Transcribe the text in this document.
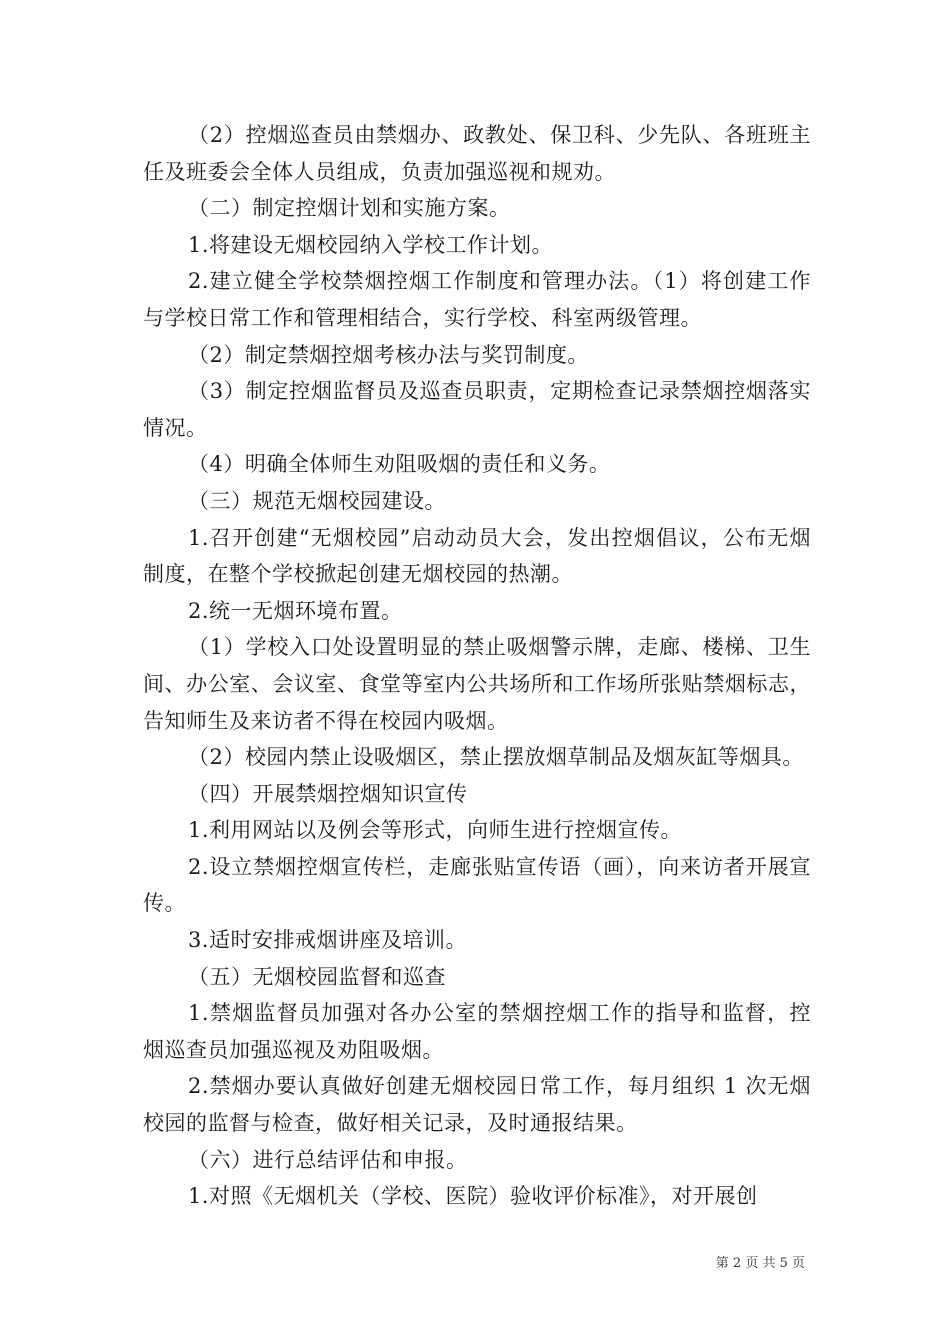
（2）控烟巡查员由禁烟办、政教处、保卫科、少先队、各班班主任及班委会全体人员组成，负责加强巡视和规劝。

（二）制定控烟计划和实施方案。

1.将建设无烟校园纳入学校工作计划。

2.建立健全学校禁烟控烟工作制度和管理办法。（1）将创建工作与学校日常工作和管理相结合，实行学校、科室两级管理。

（2）制定禁烟控烟考核办法与奖罚制度。

（3）制定控烟监督员及巡查员职责，定期检查记录禁烟控烟落实情况。

（4）明确全体师生劝阻吸烟的责任和义务。

（三）规范无烟校园建设。

1.召开创建“无烟校园”启动动员大会，发出控烟倡议，公布无烟制度，在整个学校掀起创建无烟校园的热潮。

2.统一无烟环境布置。

（1）学校入口处设置明显的禁止吸烟警示牌，走廊、楼梯、卫生间、办公室、会议室、食堂等室内公共场所和工作场所张贴禁烟标志，告知师生及来访者不得在校园内吸烟。

（2）校园内禁止设吸烟区，禁止摆放烟草制品及烟灰缸等烟具。

（四）开展禁烟控烟知识宣传

1.利用网站以及例会等形式，向师生进行控烟宣传。

2.设立禁烟控烟宣传栏，走廊张贴宣传语（画），向来访者开展宣传。

3.适时安排戒烟讲座及培训。

（五）无烟校园监督和巡查

1.禁烟监督员加强对各办公室的禁烟控烟工作的指导和监督，控烟巡查员加强巡视及劝阻吸烟。

2.禁烟办要认真做好创建无烟校园日常工作，每月组织 1 次无烟校园的监督与检查，做好相关记录，及时通报结果。

（六）进行总结评估和申报。

1.对照《无烟机关（学校、医院）验收评价标准》，对开展创

第 2 页 共 5 页
